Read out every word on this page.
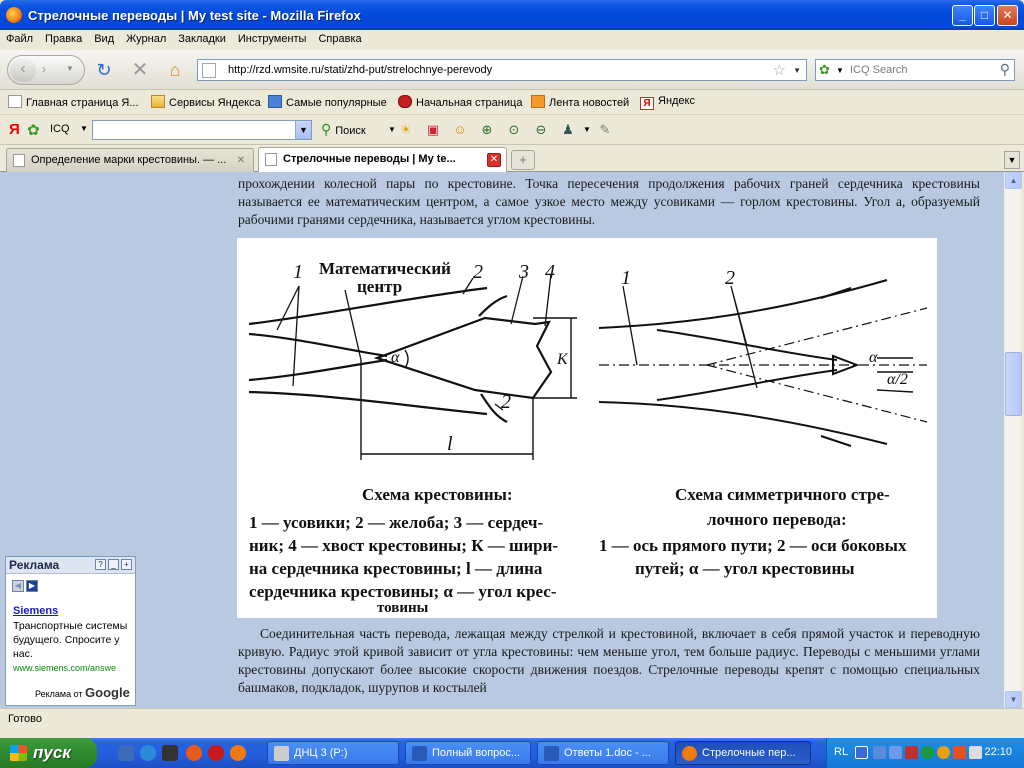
Стрелочные переводы | My test site - Mozilla Firefox	_	□	✕
Файл Правка Вид Журнал Закладки Инструменты Справка
‹	›	▼ ↻ ✕	⌂	http://rzd.wmsite.ru/stati/zhd-put/strelochnye-perevody	☆ ▼ ✿ ▼ ICQ Search	⚲
Главная страница Я...	Сервисы Яндекса	Самые популярные	Начальная страница	Лента новостей	Я Яндекс
Я ✿ ICQ ▼	▼ ⚲ Поиск	▼ ☀ ▣ ☺ ⊕ ⊙ ⊖ ♟	▼ ✎
Определение марки крестовины. — ... ✕	Стрелочные переводы | My te...	✕	+	▼
прохождении колесной пары по крестовине. Точка пересечения продолжения рабочих граней сердечника крестовины называется ее математическим центром, а самое узкое место между усовиками — горлом крестовины. Угол а, образуемый рабочими гранями сердечника, называется углом крестовины.
1	2 3 4
2
α	К
l
Математический
центр	1	2
α
α/2
Схема крестовины:
1 — усовики; 2 — желоба; 3 — сердеч-
ник; 4 — хвост крестовины; К — шири-
на сердечника крестовины; l — длина
сердечника крестовины; α — угол крес-
товины
Схема симметричного стре-
лочного перевода:
1 — ось прямого пути; 2 — оси боковых
путей; α — угол крестовины
Соединительная часть перевода, лежащая между стрелкой и крестовиной, включает в себя прямой участок и переводную кривую. Радиус этой кривой зависит от угла крестовины: чем меньше угол, тем больше радиус. Переводы с меньшими углами крестовины допускают более высокие скорости движения поездов. Стрелочные переводы крепят с помощью специальных башмаков, подкладок, шурупов и костылей
Реклама	?	_	+
◀ ▶
Siemens
Транспортные системы будущего. Спросите у нас.
www.siemens.com/answe
Реклама от Google
▲
▼
Готово
пуск	ДНЦ 3 (P:)	Полный вопрос...	Ответы 1.doc - ...	Стрелочные пер...	RL	22:10
